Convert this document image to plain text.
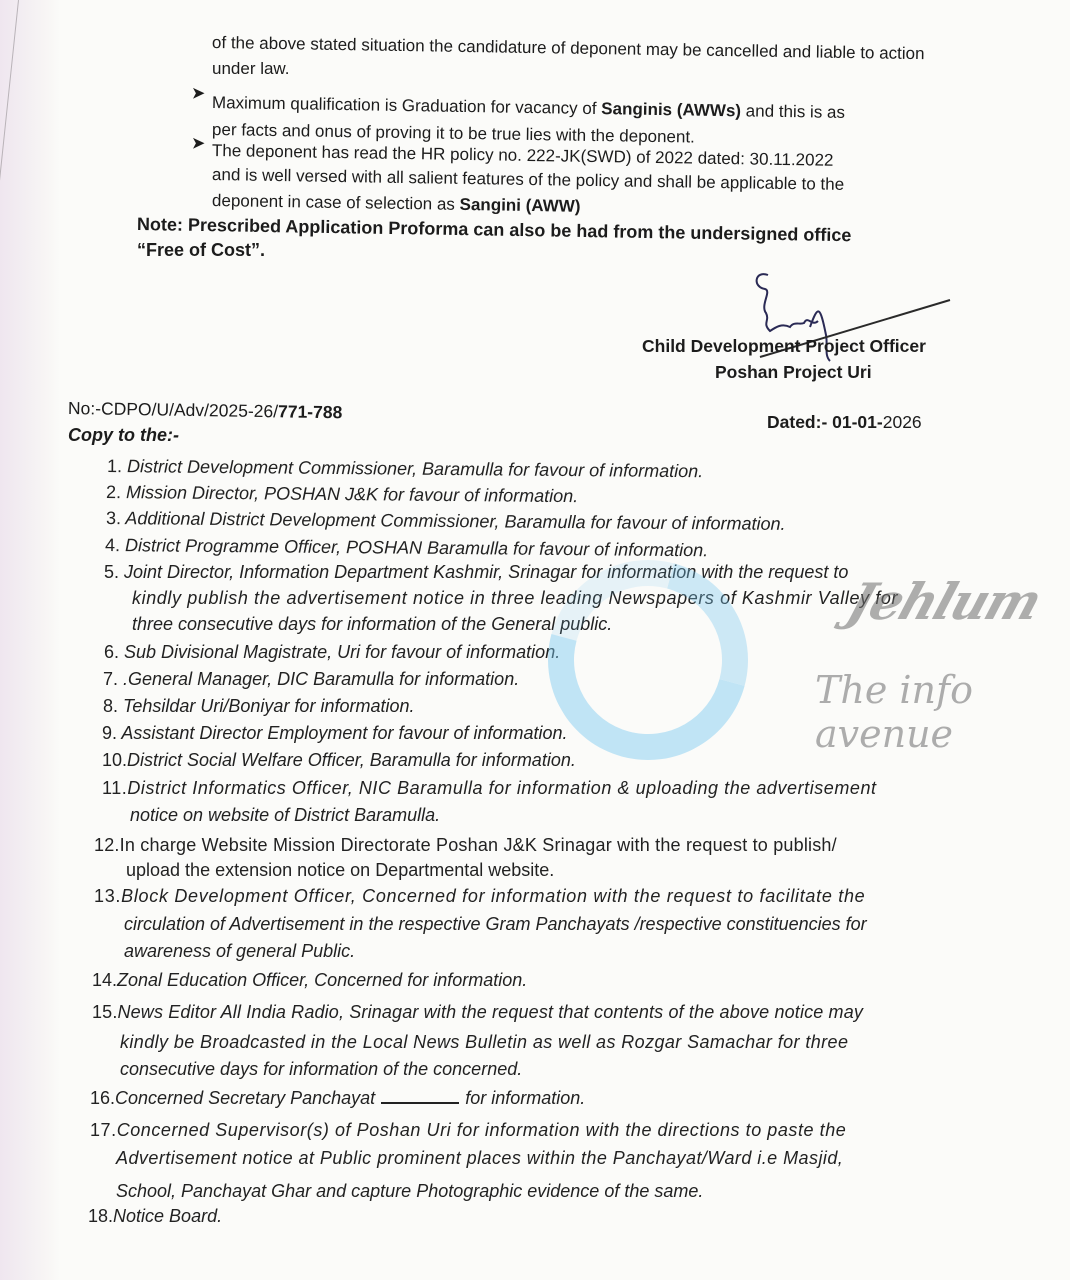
of the above stated situation the candidature of deponent may be cancelled and liable to action
under law.
➤ Maximum qualification is Graduation for vacancy of Sanginis (AWWs) and this is as
per facts and onus of proving it to be true lies with the deponent.
➤ The deponent has read the HR policy no. 222-JK(SWD) of 2022 dated: 30.11.2022
and is well versed with all salient features of the policy and shall be applicable to the
deponent in case of selection as Sangini (AWW)
Note: Prescribed Application Proforma can also be had from the undersigned office
“Free of Cost”.
Child Development Project Officer
Poshan Project Uri
No:-CDPO/U/Adv/2025-26/771-788	Dated:- 01-01-2026
Copy to the:-
1. District Development Commissioner, Baramulla for favour of information.
2. Mission Director, POSHAN J&K for favour of information.
3. Additional District Development Commissioner, Baramulla for favour of information.
4. District Programme Officer, POSHAN Baramulla for favour of information.
5. Joint Director, Information Department Kashmir, Srinagar for information with the request to
kindly publish the advertisement notice in three leading Newspapers of Kashmir Valley for
three consecutive days for information of the General public.
6. Sub Divisional Magistrate, Uri for favour of information.
7. .General Manager, DIC Baramulla for information.
8. Tehsildar Uri/Boniyar for information.
9. Assistant Director Employment for favour of information.
10.District Social Welfare Officer, Baramulla for information.
11.District Informatics Officer, NIC Baramulla for information & uploading the advertisement
notice on website of District Baramulla.
12.In charge Website Mission Directorate Poshan J&K Srinagar with the request to publish/
upload the extension notice on Departmental website.
13.Block Development Officer, Concerned for information with the request to facilitate the
circulation of Advertisement in the respective Gram Panchayats /respective constituencies for
awareness of general Public.
14.Zonal Education Officer, Concerned for information.
15.News Editor All India Radio, Srinagar with the request that contents of the above notice may
kindly be Broadcasted in the Local News Bulletin as well as Rozgar Samachar for three
consecutive days for information of the concerned.
16.Concerned Secretary Panchayat	for information.
17.Concerned Supervisor(s) of Poshan Uri for information with the directions to paste the
Advertisement notice at Public prominent places within the Panchayat/Ward i.e Masjid,
School, Panchayat Ghar and capture Photographic evidence of the same.
18.Notice Board.
Jehlum
The info avenue
